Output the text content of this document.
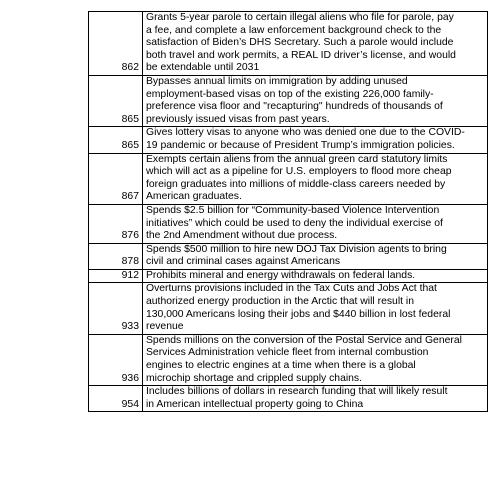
862	Grants 5-year parole to certain illegal aliens who file for parole, pay
a fee, and complete a law enforcement background check to the
satisfaction of Biden’s DHS Secretary. Such a parole would include
both travel and work permits, a REAL ID driver’s license, and would
be extendable until 2031

865	Bypasses annual limits on immigration by adding unused
employment-based visas on top of the existing 226,000 family-
preference visa floor and "recapturing" hundreds of thousands of
previously issued visas from past years.

865	Gives lottery visas to anyone who was denied one due to the COVID-
19 pandemic or because of President Trump’s immigration policies.

867	Exempts certain aliens from the annual green card statutory limits
which will act as a pipeline for U.S. employers to flood more cheap
foreign graduates into millions of middle-class careers needed by
American graduates.

876	Spends $2.5 billion for “Community-based Violence Intervention
initiatives” which could be used to deny the individual exercise of
the 2nd Amendment without due process.

878	Spends $500 million to hire new DOJ Tax Division agents to bring
civil and criminal cases against Americans

912	Prohibits mineral and energy withdrawals on federal lands.

933	Overturns provisions included in the Tax Cuts and Jobs Act that
authorized energy production in the Arctic that will result in
130,000 Americans losing their jobs and $440 billion in lost federal
revenue

936	Spends millions on the conversion of the Postal Service and General
Services Administration vehicle fleet from internal combustion
engines to electric engines at a time when there is a global
microchip shortage and crippled supply chains.

954	Includes billions of dollars in research funding that will likely result
in American intellectual property going to China
